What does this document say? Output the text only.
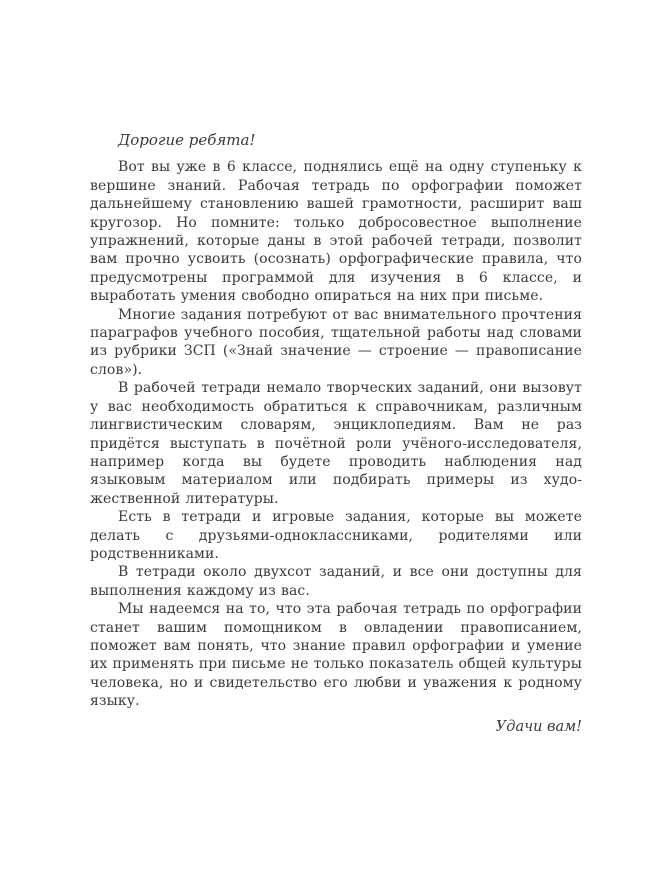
Дорогие ребята!

Вот вы уже в 6 классе, поднялись ещё на одну ступеньку к вершине знаний. Рабочая тетрадь по орфографии поможет дальнейшему становлению вашей грамотности, расширит ваш кругозор. Но помните: только добросовестное выполнение упражнений, которые даны в этой рабочей тетради, позволит вам прочно усвоить (осознать) орфографические правила, что предусмотрены программой для изучения в 6 классе, и выработать умения свободно опираться на них при письме.

Многие задания потребуют от вас внимательного прочтения параграфов учебного пособия, тщательной работы над словами из рубрики ЗСП («Знай значение — строение — правописание слов»).

В рабочей тетради немало творческих заданий, они вызовут у вас необходимость обратиться к справочникам, различным лингвистическим словарям, энциклопедиям. Вам не раз придётся выступать в почётной роли учёного-исследователя, например когда вы будете проводить наблюдения над языковым материалом или подбирать примеры из художественной литературы.

Есть в тетради и игровые задания, которые вы можете делать с друзьями-одноклассниками, родителями или родственниками.

В тетради около двухсот заданий, и все они доступны для выполнения каждому из вас.

Мы надеемся на то, что эта рабочая тетрадь по орфографии станет вашим помощником в овладении правописанием, поможет вам понять, что знание правил орфографии и умение их применять при письме не только показатель общей культуры человека, но и свидетельство его любви и уважения к родному языку.

Удачи вам!
